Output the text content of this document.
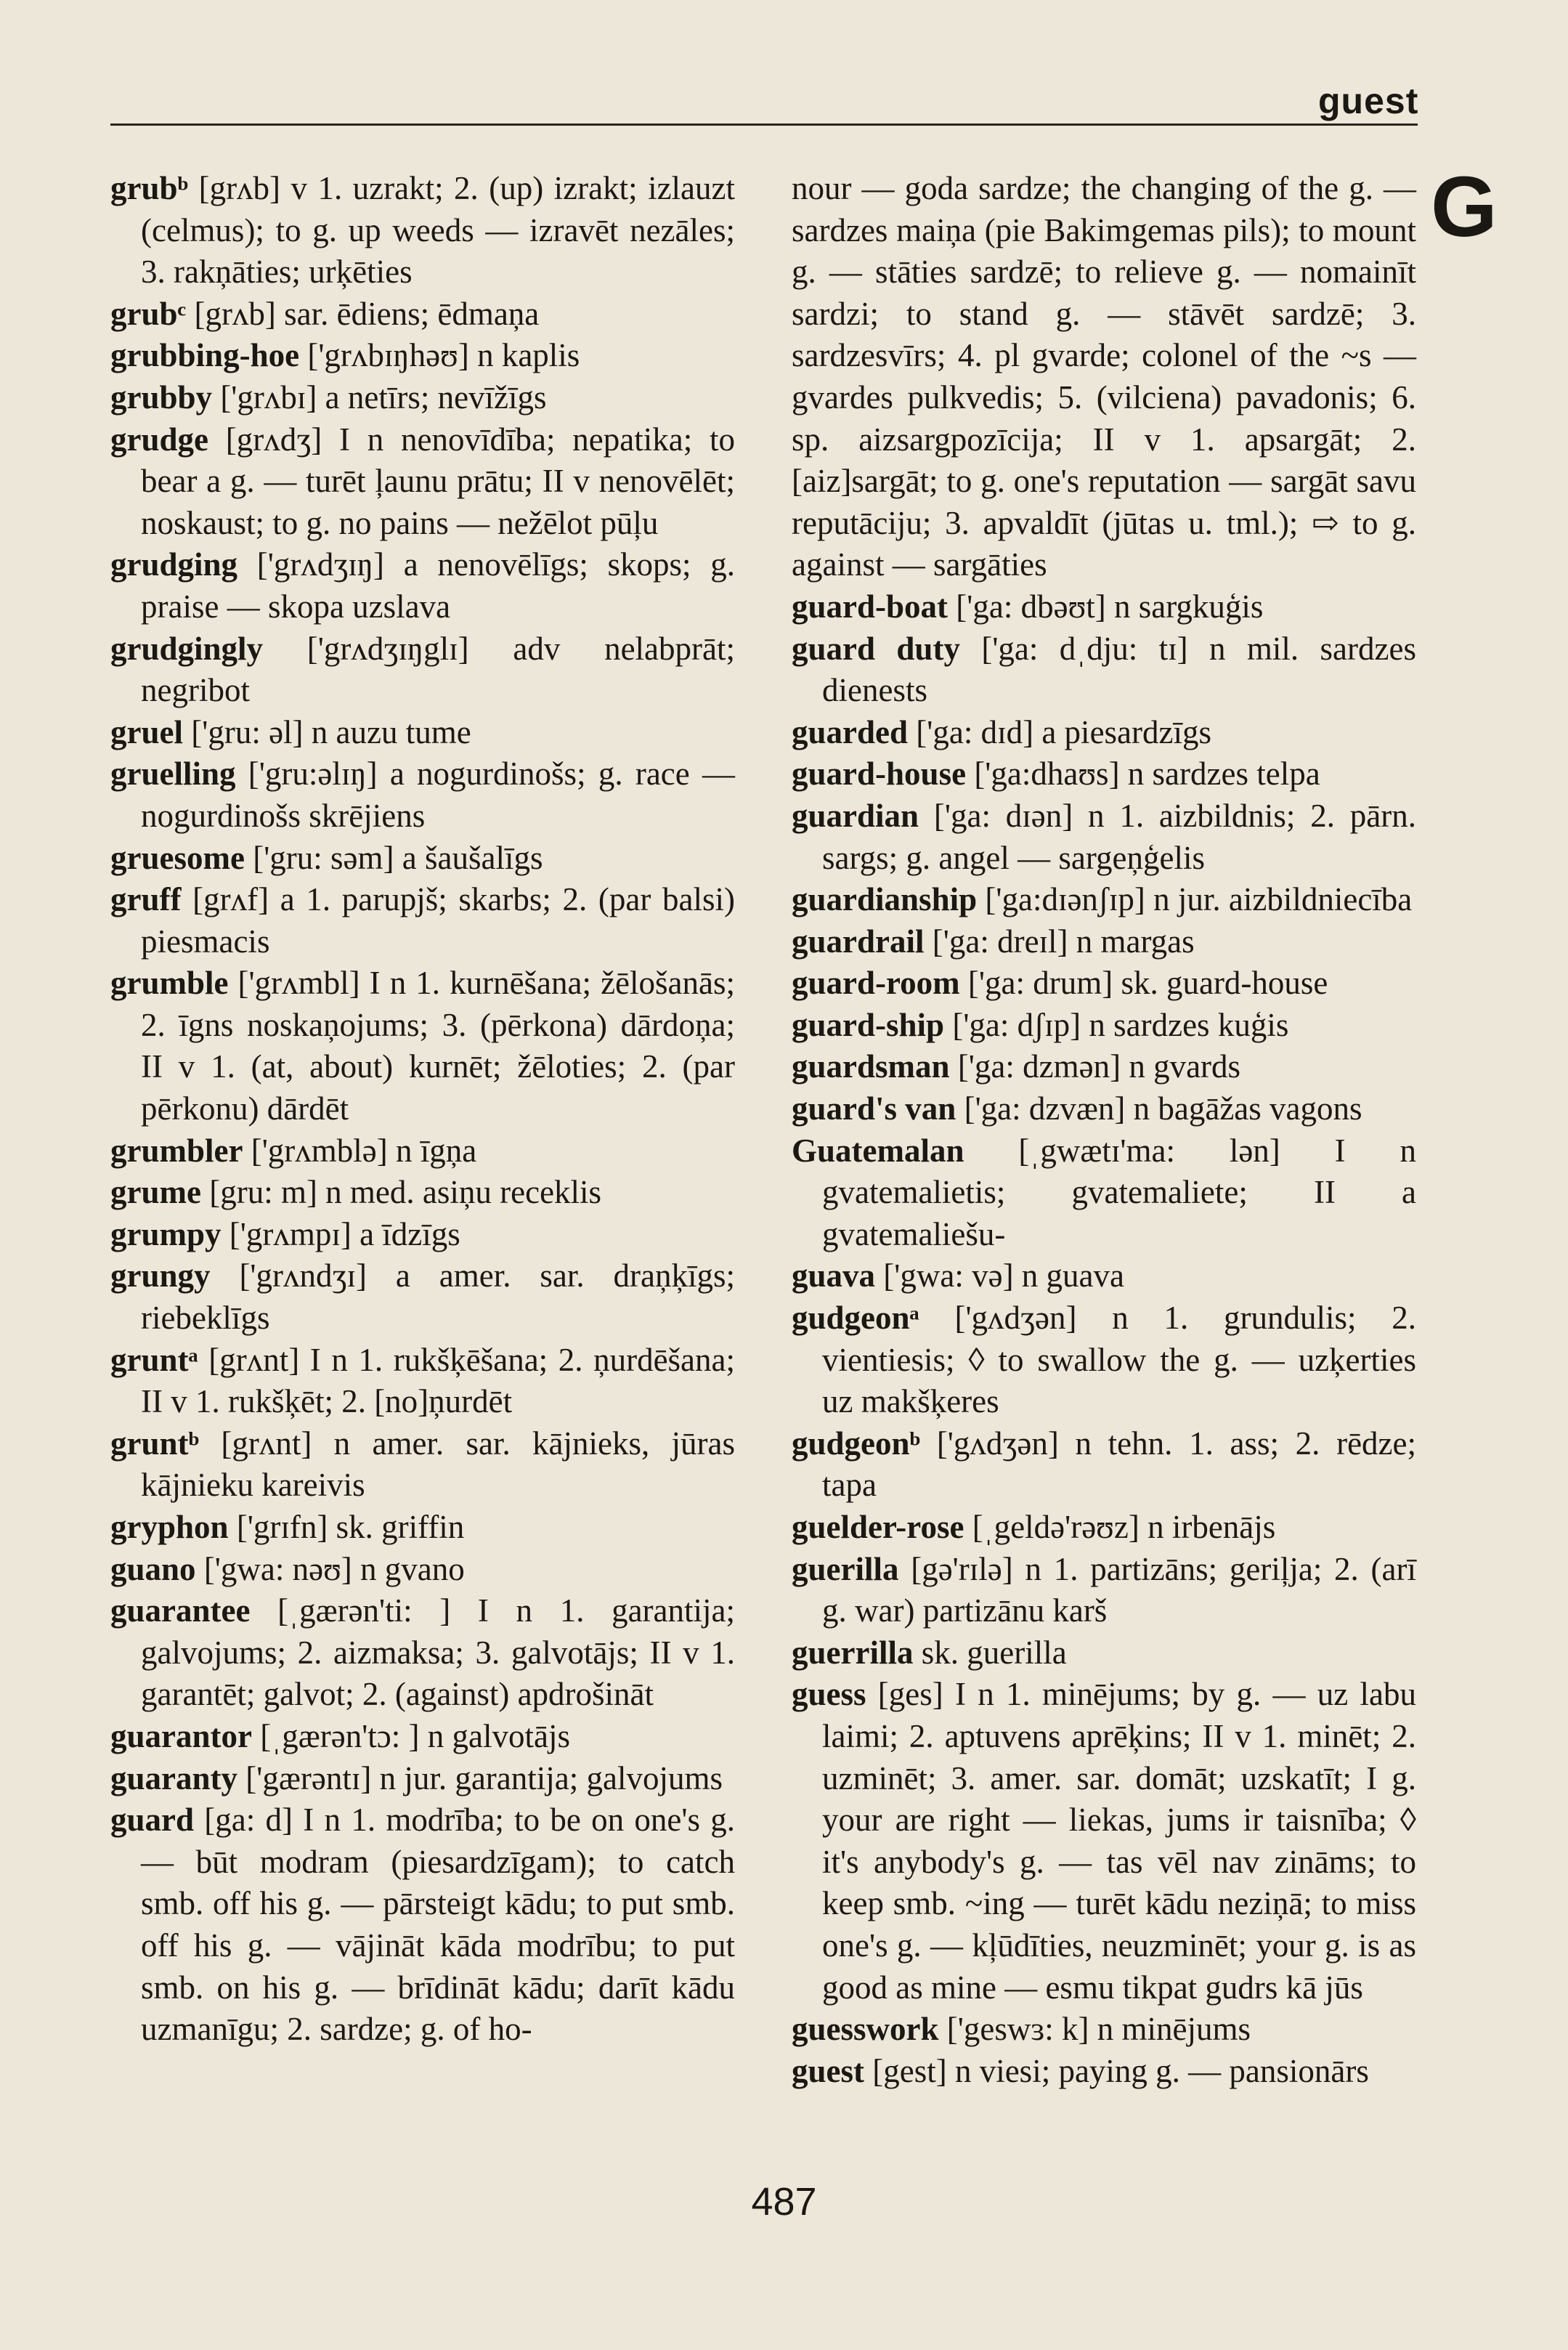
guest
G

grubᵇ [grʌb] v 1. uzrakt; 2. (up) izrakt; izlauzt (celmus); to g. up weeds — izravēt nezāles; 3. rakņāties; urķēties

grubᶜ [grʌb] sar. ēdiens; ēdmaņa

grubbing-hoe ['grʌbɪŋhəʊ] n kaplis

grubby ['grʌbɪ] a netīrs; nevīžīgs

grudge [grʌdʒ] I n nenovīdība; nepatika; to bear a g. — turēt ļaunu prātu; II v nenovēlēt; noskaust; to g. no pains — nežēlot pūļu

grudging ['grʌdʒɪŋ] a nenovēlīgs; skops; g. praise — skopa uzslava

grudgingly ['grʌdʒɪŋglɪ] adv nelabprāt; negribot

gruel ['gru: əl] n auzu tume

gruelling ['gru:əlɪŋ] a nogurdinošs; g. race — nogurdinošs skrējiens

gruesome ['gru: səm] a šaušalīgs

gruff [grʌf] a 1. parupjš; skarbs; 2. (par balsi) piesmacis

grumble ['grʌmbl] I n 1. kurnēšana; žēlošanās; 2. īgns noskaņojums; 3. (pērkona) dārdoņa; II v 1. (at, about) kurnēt; žēloties; 2. (par pērkonu) dārdēt

grumbler ['grʌmblə] n īgņa

grume [gru: m] n med. asiņu receklis

grumpy ['grʌmpɪ] a īdzīgs

grungy ['grʌndʒɪ] a amer. sar. draņķīgs; riebeklīgs

gruntᵃ [grʌnt] I n 1. rukšķēšana; 2. ņurdēšana; II v 1. rukšķēt; 2. [no]ņurdēt

gruntᵇ [grʌnt] n amer. sar. kājnieks, jūras kājnieku kareivis

gryphon ['grɪfn] sk. griffin

guano ['gwa: nəʊ] n gvano

guarantee [ˌgærən'ti: ] I n 1. garantija; galvojums; 2. aizmaksa; 3. galvotājs; II v 1. garantēt; galvot; 2. (against) apdrošināt

guarantor [ˌgærən'tɔ: ] n galvotājs

guaranty ['gærəntɪ] n jur. garantija; galvojums

guard [ga: d] I n 1. modrība; to be on one's g. — būt modram (piesardzīgam); to catch smb. off his g. — pārsteigt kādu; to put smb. off his g. — vājināt kāda modrību; to put smb. on his g. — brīdināt kādu; darīt kādu uzmanīgu; 2. sardze; g. of ho-

nour — goda sardze; the changing of the g. — sardzes maiņa (pie Bakimgemas pils); to mount g. — stāties sardzē; to relieve g. — nomainīt sardzi; to stand g. — stāvēt sardzē; 3. sardzesvīrs; 4. pl gvarde; colonel of the ~s — gvardes pulkvedis; 5. (vilciena) pavadonis; 6. sp. aizsargpozīcija; II v 1. apsargāt; 2. [aiz]sargāt; to g. one's reputation — sargāt savu reputāciju; 3. apvaldīt (jūtas u. tml.); ⇨ to g. against — sargāties

guard-boat ['ga: dbəʊt] n sargkuģis

guard duty ['ga: dˌdju: tɪ] n mil. sardzes dienests

guarded ['ga: dɪd] a piesardzīgs

guard-house ['ga:dhaʊs] n sardzes telpa

guardian ['ga: dɪən] n 1. aizbildnis; 2. pārn. sargs; g. angel — sargeņģelis

guardianship ['ga:dɪənʃɪp] n jur. aizbildniecība

guardrail ['ga: dreɪl] n margas

guard-room ['ga: drum] sk. guard-house

guard-ship ['ga: dʃɪp] n sardzes kuģis

guardsman ['ga: dzmən] n gvards

guard's van ['ga: dzvæn] n bagāžas vagons

Guatemalan [ˌgwætɪ'ma: lən] I n gvatemalietis; gvatemaliete; II a gvatemaliešu-

guava ['gwa: və] n guava

gudgeonᵃ ['gʌdʒən] n 1. grundulis; 2. vientiesis; ◊ to swallow the g. — uzķerties uz makšķeres

gudgeonᵇ ['gʌdʒən] n tehn. 1. ass; 2. rēdze; tapa

guelder-rose [ˌgeldə'rəʊz] n irbenājs

guerilla [gə'rɪlə] n 1. partizāns; geriļja; 2. (arī g. war) partizānu karš

guerrilla sk. guerilla

guess [ges] I n 1. minējums; by g. — uz labu laimi; 2. aptuvens aprēķins; II v 1. minēt; 2. uzminēt; 3. amer. sar. domāt; uzskatīt; I g. your are right — liekas, jums ir taisnība; ◊ it's anybody's g. — tas vēl nav zināms; to keep smb. ~ing — turēt kādu neziņā; to miss one's g. — kļūdīties, neuzminēt; your g. is as good as mine — esmu tikpat gudrs kā jūs

guesswork ['geswɜ: k] n minējums

guest [gest] n viesi; paying g. — pansionārs

487
